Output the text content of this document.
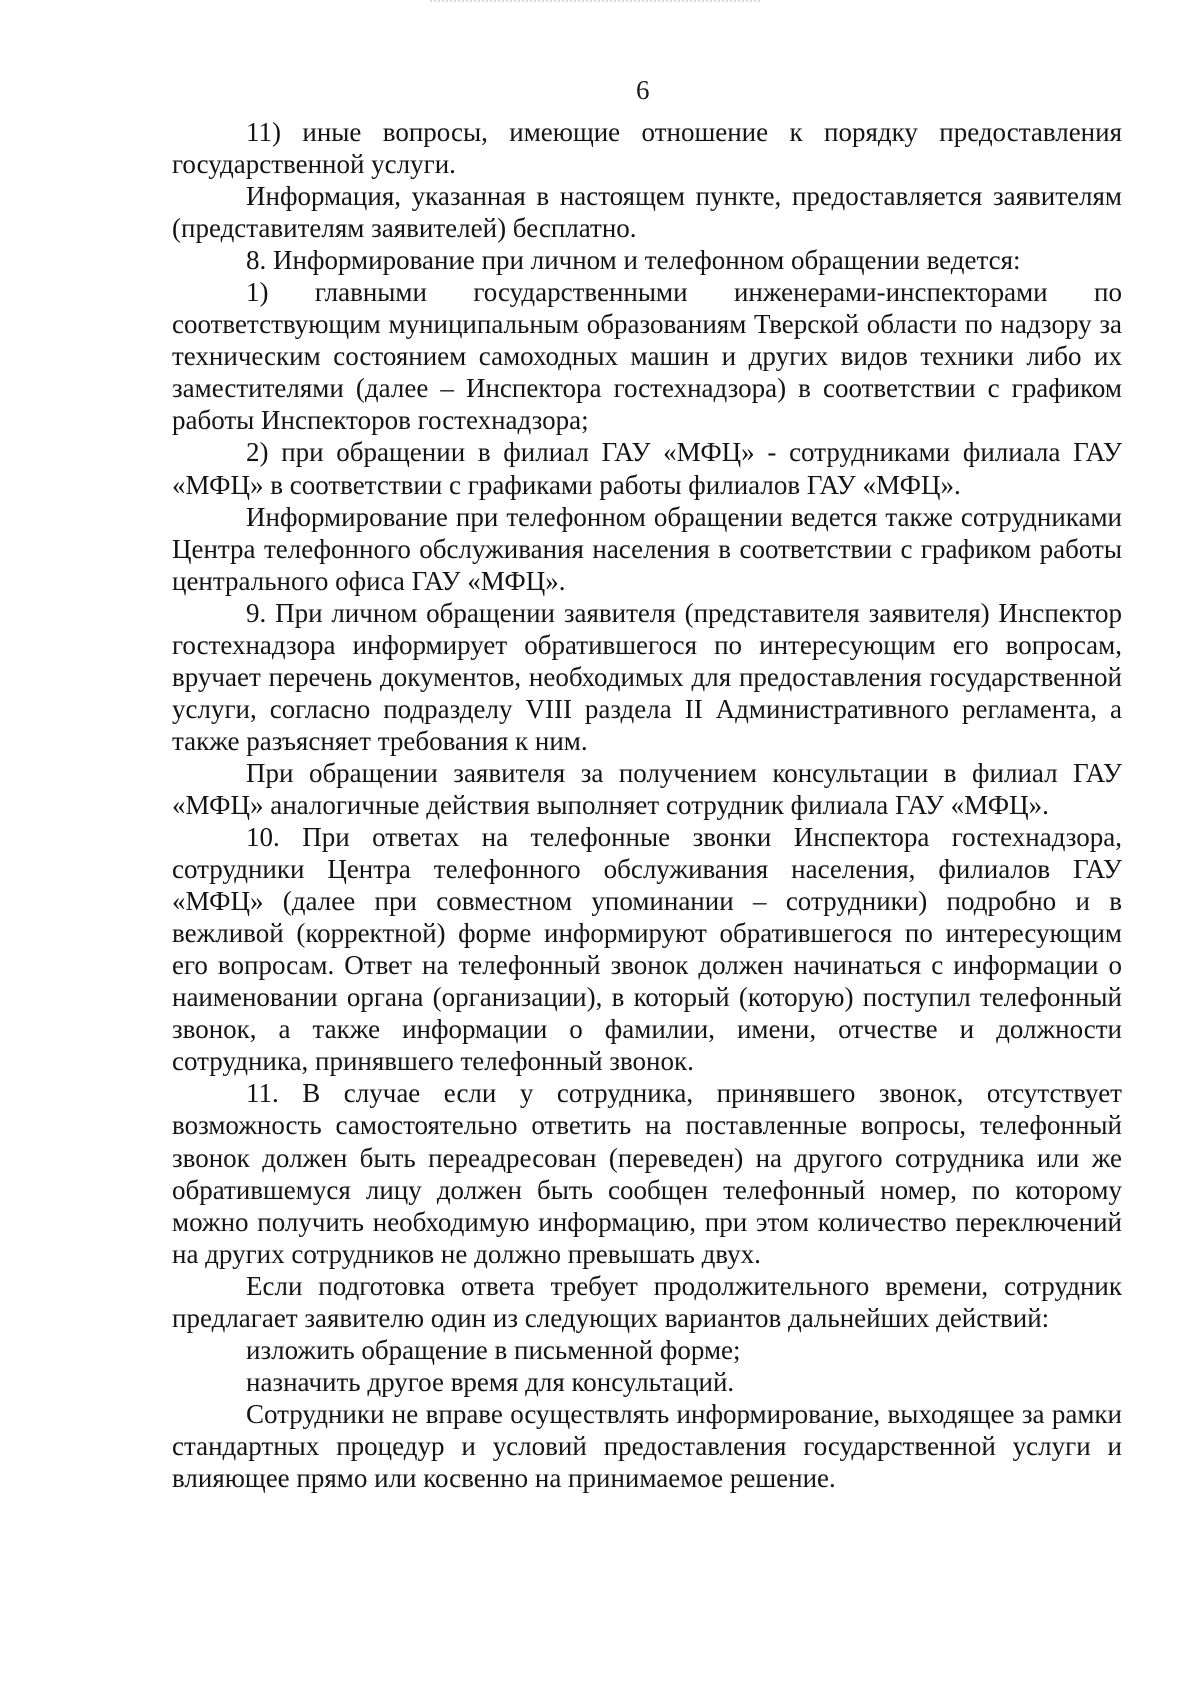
6

11) иные вопросы, имеющие отношение к порядку предоставления государственной услуги.

Информация, указанная в настоящем пункте, предоставляется заявителям (представителям заявителей) бесплатно.

8. Информирование при личном и телефонном обращении ведется:

1) главными государственными инженерами-инспекторами по соответствующим муниципальным образованиям Тверской области по надзору за техническим состоянием самоходных машин и других видов техники либо их заместителями (далее – Инспектора гостехнадзора) в соответствии с графиком работы Инспекторов гостехнадзора;

2) при обращении в филиал ГАУ «МФЦ» - сотрудниками филиала ГАУ «МФЦ» в соответствии с графиками работы филиалов ГАУ «МФЦ».

Информирование при телефонном обращении ведется также сотрудниками Центра телефонного обслуживания населения в соответствии с графиком работы центрального офиса ГАУ «МФЦ».

9. При личном обращении заявителя (представителя заявителя) Инспектор гостехнадзора информирует обратившегося по интересующим его вопросам, вручает перечень документов, необходимых для предоставления государственной услуги, согласно подразделу VIII раздела II Административного регламента, а также разъясняет требования к ним.

При обращении заявителя за получением консультации в филиал ГАУ «МФЦ» аналогичные действия выполняет сотрудник филиала ГАУ «МФЦ».

10. При ответах на телефонные звонки Инспектора гостехнадзора, сотрудники Центра телефонного обслуживания населения, филиалов ГАУ «МФЦ» (далее при совместном упоминании – сотрудники) подробно и в вежливой (корректной) форме информируют обратившегося по интересующим его вопросам. Ответ на телефонный звонок должен начинаться с информации о наименовании органа (организации), в который (которую) поступил телефонный звонок, а также информации о фамилии, имени, отчестве и должности сотрудника, принявшего телефонный звонок.

11. В случае если у сотрудника, принявшего звонок, отсутствует возможность самостоятельно ответить на поставленные вопросы, телефонный звонок должен быть переадресован (переведен) на другого сотрудника или же обратившемуся лицу должен быть сообщен телефонный номер, по которому можно получить необходимую информацию, при этом количество переключений на других сотрудников не должно превышать двух.

Если подготовка ответа требует продолжительного времени, сотрудник предлагает заявителю один из следующих вариантов дальнейших действий:

изложить обращение в письменной форме;

назначить другое время для консультаций.

Сотрудники не вправе осуществлять информирование, выходящее за рамки стандартных процедур и условий предоставления государственной услуги и влияющее прямо или косвенно на принимаемое решение.
